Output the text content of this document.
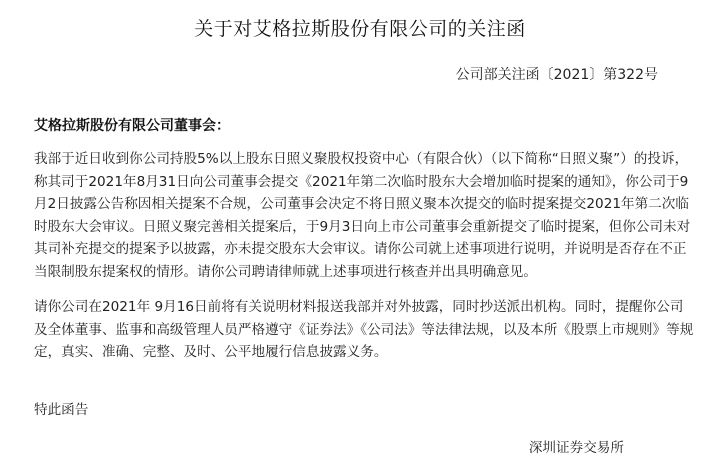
关于对艾格拉斯股份有限公司的关注函
公司部关注函〔2021〕第322号
艾格拉斯股份有限公司董事会：

我部于近日收到你公司持股5%以上股东日照义聚股权投资中心（有限合伙）（以下简称“日照义聚”）的投诉，称其司于2021年8月31日向公司董事会提交《2021年第二次临时股东大会增加临时提案的通知》，你公司于9月2日披露公告称因相关提案不合规，公司董事会决定不将日照义聚本次提交的临时提案提交2021年第二次临时股东大会审议。日照义聚完善相关提案后，于9月3日向上市公司董事会重新提交了临时提案，但你公司未对其司补充提交的提案予以披露，亦未提交股东大会审议。请你公司就上述事项进行说明，并说明是否存在不正当限制股东提案权的情形。请你公司聘请律师就上述事项进行核查并出具明确意见。

请你公司在2021年 9月16日前将有关说明材料报送我部并对外披露，同时抄送派出机构。同时，提醒你公司及全体董事、监事和高级管理人员严格遵守《证券法》《公司法》等法律法规，以及本所《股票上市规则》等规定，真实、准确、完整、及时、公平地履行信息披露义务。

特此函告
深圳证券交易所
